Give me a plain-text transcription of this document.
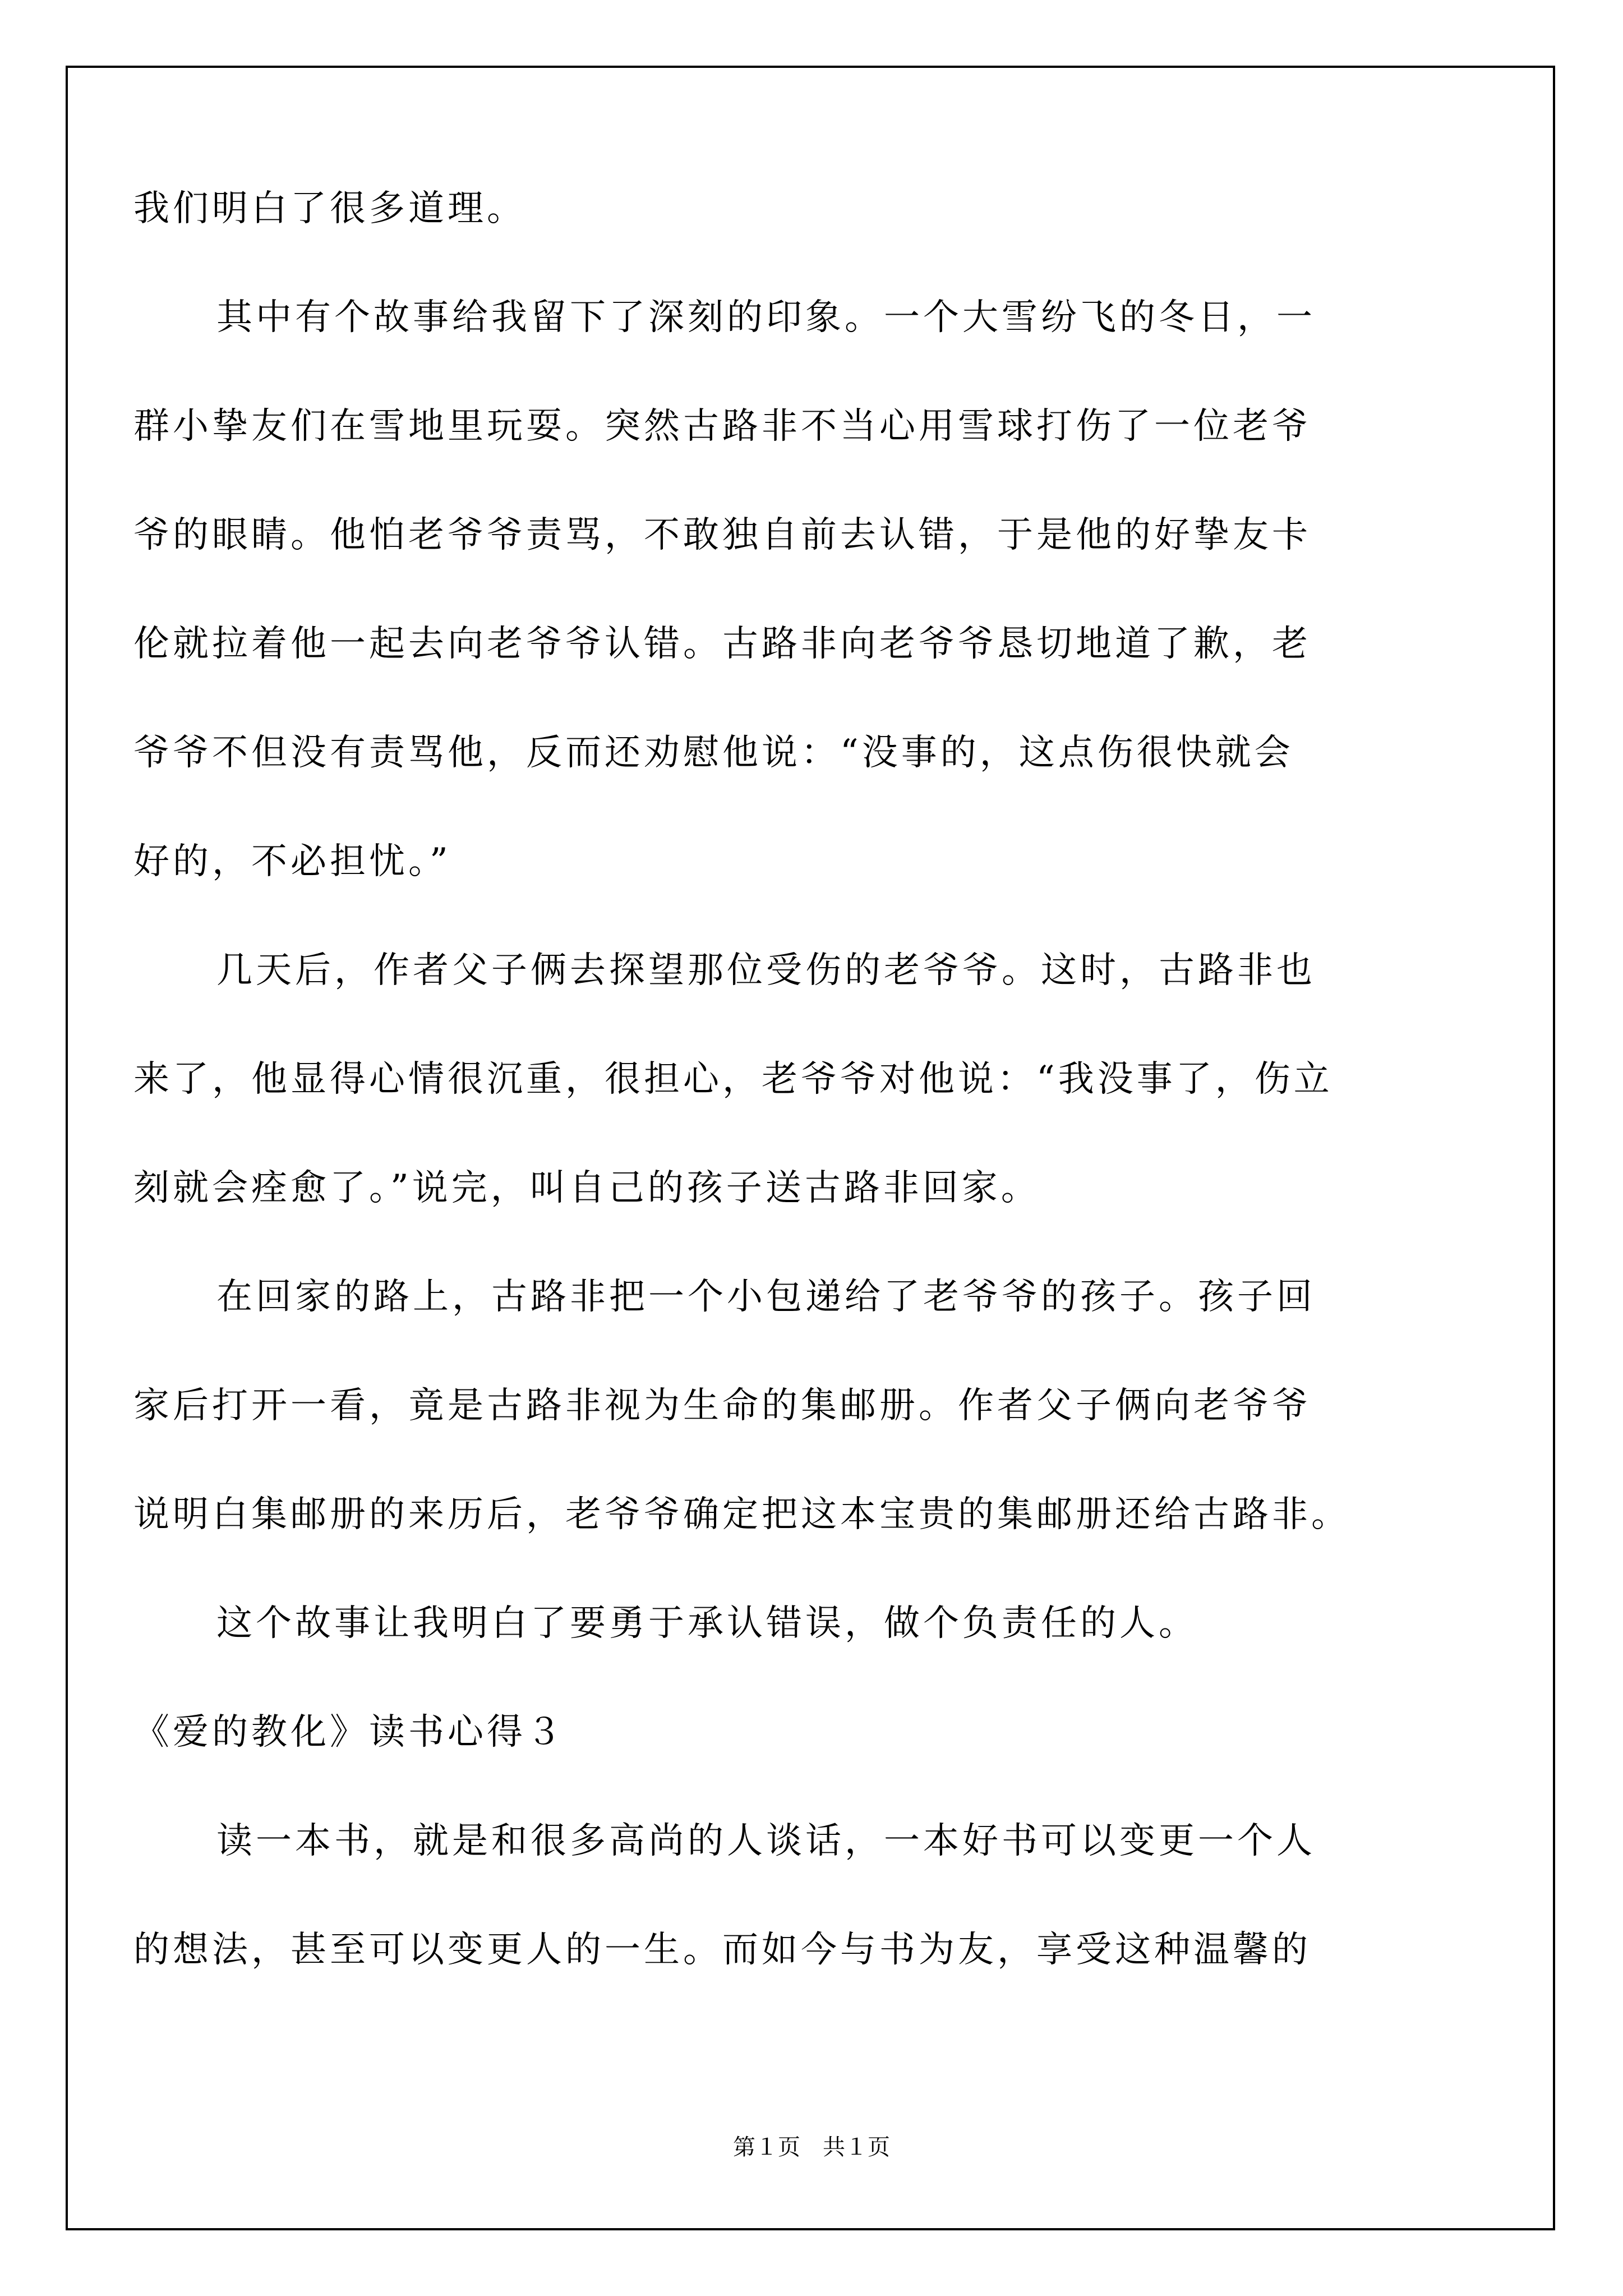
我们明白了很多道理。
其中有个故事给我留下了深刻的印象。一个大雪纷飞的冬日，一
群小挚友们在雪地里玩耍。突然古路非不当心用雪球打伤了一位老爷
爷的眼睛。他怕老爷爷责骂，不敢独自前去认错，于是他的好挚友卡
伦就拉着他一起去向老爷爷认错。古路非向老爷爷恳切地道了歉，老
爷爷不但没有责骂他，反而还劝慰他说：“没事的，这点伤很快就会
好的，不必担忧。”
几天后，作者父子俩去探望那位受伤的老爷爷。这时，古路非也
来了，他显得心情很沉重，很担心，老爷爷对他说：“我没事了，伤立
刻就会痊愈了。”说完，叫自己的孩子送古路非回家。
在回家的路上，古路非把一个小包递给了老爷爷的孩子。孩子回
家后打开一看，竟是古路非视为生命的集邮册。作者父子俩向老爷爷
说明白集邮册的来历后，老爷爷确定把这本宝贵的集邮册还给古路非。
这个故事让我明白了要勇于承认错误，做个负责任的人。
《爱的教化》读书心得３
读一本书，就是和很多高尚的人谈话，一本好书可以变更一个人
的想法，甚至可以变更人的一生。而如今与书为友，享受这种温馨的
第１页　共１页
